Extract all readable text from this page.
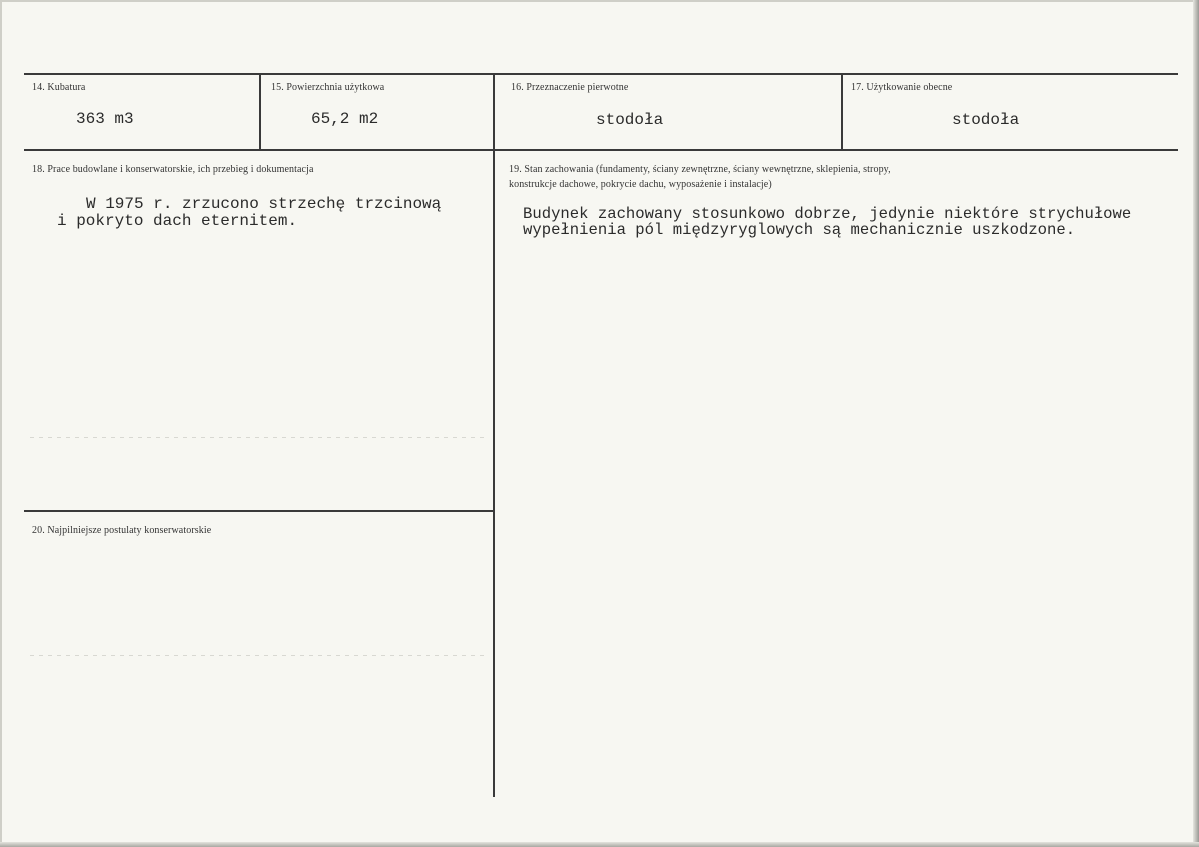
14. Kubatura
363 m3
15. Powierzchnia użytkowa
65,2 m2
16. Przeznaczenie pierwotne
stodoła
17. Użytkowanie obecne
stodoła
18. Prace budowlane i konserwatorskie, ich przebieg i dokumentacja
W 1975 r. zrzucono strzechę trzcinową
i pokryto dach eternitem.
19. Stan zachowania (fundamenty, ściany zewnętrzne, ściany wewnętrzne, sklepienia, stropy,
konstrukcje dachowe, pokrycie dachu, wyposażenie i instalacje)
Budynek zachowany stosunkowo dobrze, jedynie niektóre strychułowe
wypełnienia pól międzyryglowych są mechanicznie uszkodzone.
20. Najpilniejsze postulaty konserwatorskie
